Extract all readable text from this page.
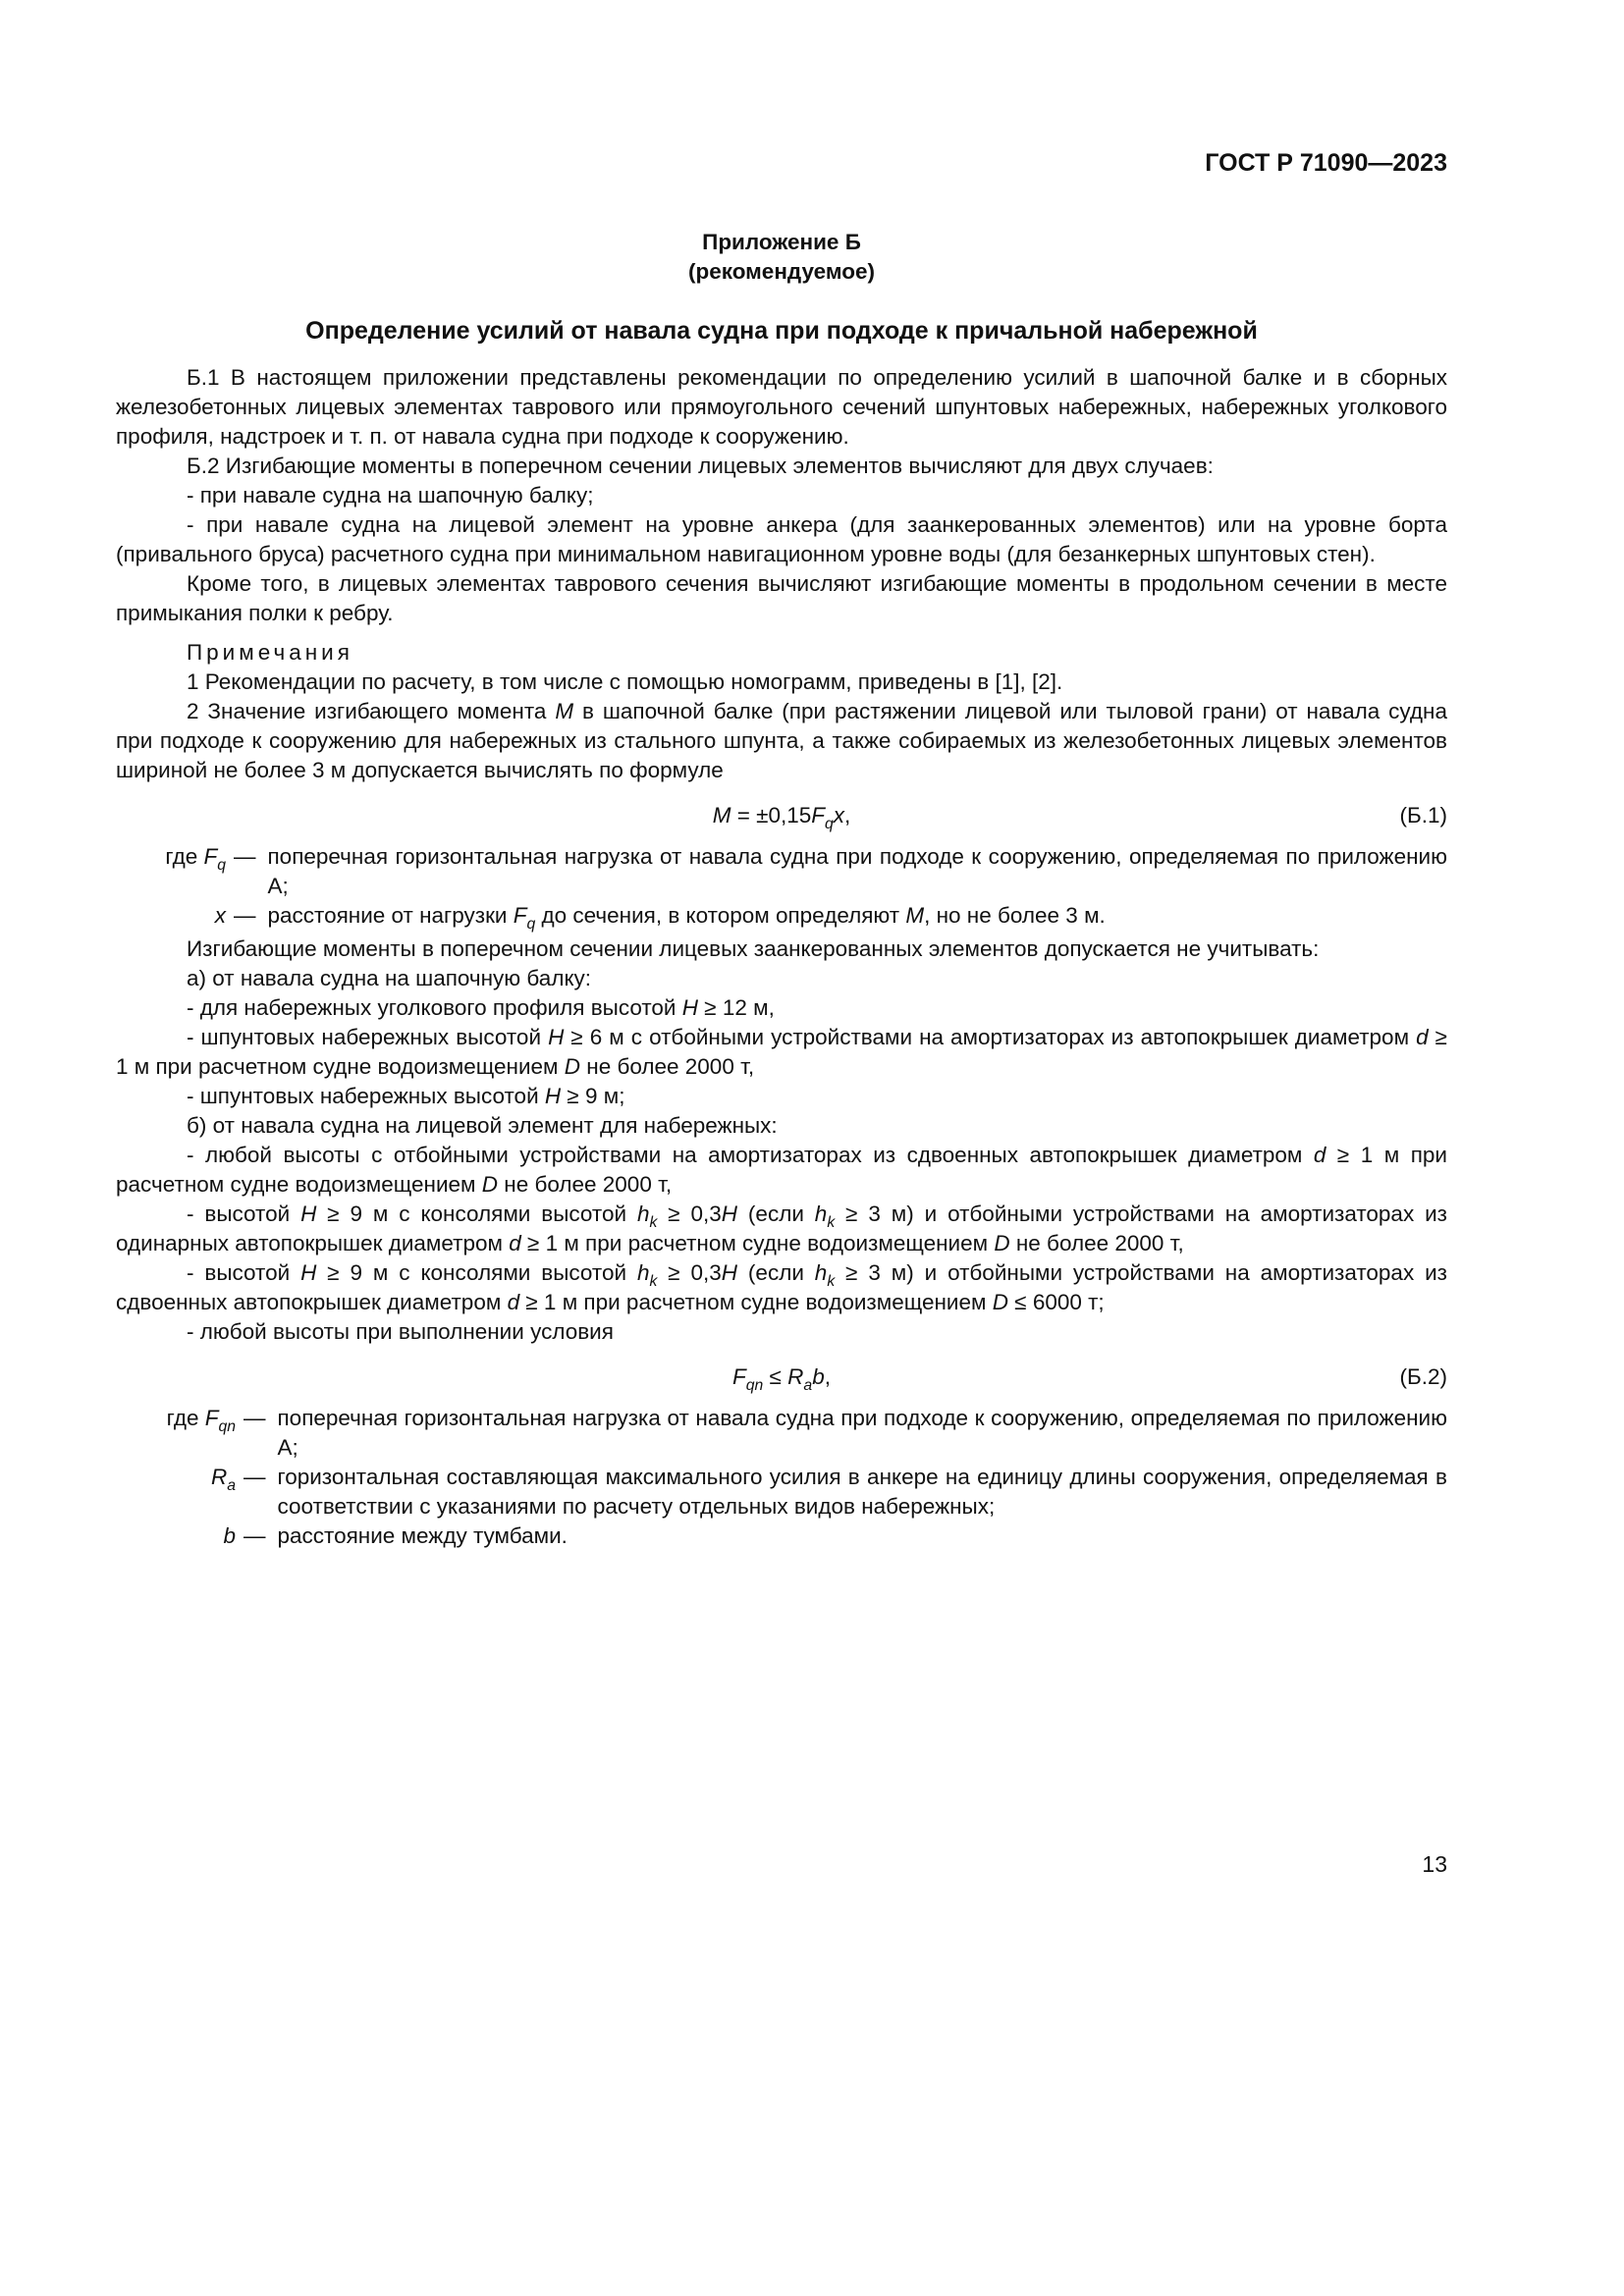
ГОСТ Р 71090—2023
Приложение Б
(рекомендуемое)
Определение усилий от навала судна при подходе к причальной набережной

Б.1 В настоящем приложении представлены рекомендации по определению усилий в шапочной балке и в сборных железобетонных лицевых элементах таврового или прямоугольного сечений шпунтовых набережных, набережных уголкового профиля, надстроек и т. п. от навала судна при подходе к сооружению.

Б.2 Изгибающие моменты в поперечном сечении лицевых элементов вычисляют для двух случаев:

- при навале судна на шапочную балку;

- при навале судна на лицевой элемент на уровне анкера (для заанкерованных элементов) или на уровне борта (привального бруса) расчетного судна при минимальном навигационном уровне воды (для безанкерных шпунтовых стен).

Кроме того, в лицевых элементах таврового сечения вычисляют изгибающие моменты в продольном сечении в месте примыкания полки к ребру.

Примечания

1 Рекомендации по расчету, в том числе с помощью номограмм, приведены в [1], [2].

2 Значение изгибающего момента M в шапочной балке (при растяжении лицевой или тыловой грани) от навала судна при подходе к сооружению для набережных из стального шпунта, а также собираемых из железобетонных лицевых элементов шириной не более 3 м допускается вычислять по формуле

$M = \pm 0,15F_qx$,	(Б.1)
где $F_q$ — поперечная горизонтальная нагрузка от навала судна при подходе к сооружению, определяемая по приложению А;
x — расстояние от нагрузки $F_q$ до сечения, в котором определяют M, но не более 3 м.

Изгибающие моменты в поперечном сечении лицевых заанкерованных элементов допускается не учитывать:

а) от навала судна на шапочную балку:

- для набережных уголкового профиля высотой H ≥ 12 м,

- шпунтовых набережных высотой H ≥ 6 м с отбойными устройствами на амортизаторах из автопокрышек диаметром d ≥ 1 м при расчетном судне водоизмещением D не более 2000 т,

- шпунтовых набережных высотой H ≥ 9 м;

б) от навала судна на лицевой элемент для набережных:

- любой высоты с отбойными устройствами на амортизаторах из сдвоенных автопокрышек диаметром d ≥ 1 м при расчетном судне водоизмещением D не более 2000 т,

- высотой H ≥ 9 м с консолями высотой $h_k \ge 0,3H$ (если $h_k \ge 3$ м) и отбойными устройствами на амортизаторах из одинарных автопокрышек диаметром d ≥ 1 м при расчетном судне водоизмещением D не более 2000 т,

- высотой H ≥ 9 м с консолями высотой $h_k \ge 0,3H$ (если $h_k \ge 3$ м) и отбойными устройствами на амортизаторах из сдвоенных автопокрышек диаметром d ≥ 1 м при расчетном судне водоизмещением D ≤ 6000 т;

- любой высоты при выполнении условия

$F_{qn} \le R_ab$,	(Б.2)
где $F_{qn}$ — поперечная горизонтальная нагрузка от навала судна при подходе к сооружению, определяемая по приложению А;
$R_a$ — горизонтальная составляющая максимального усилия в анкере на единицу длины сооружения, определяемая в соответствии с указаниями по расчету отдельных видов набережных;
b — расстояние между тумбами.
13
